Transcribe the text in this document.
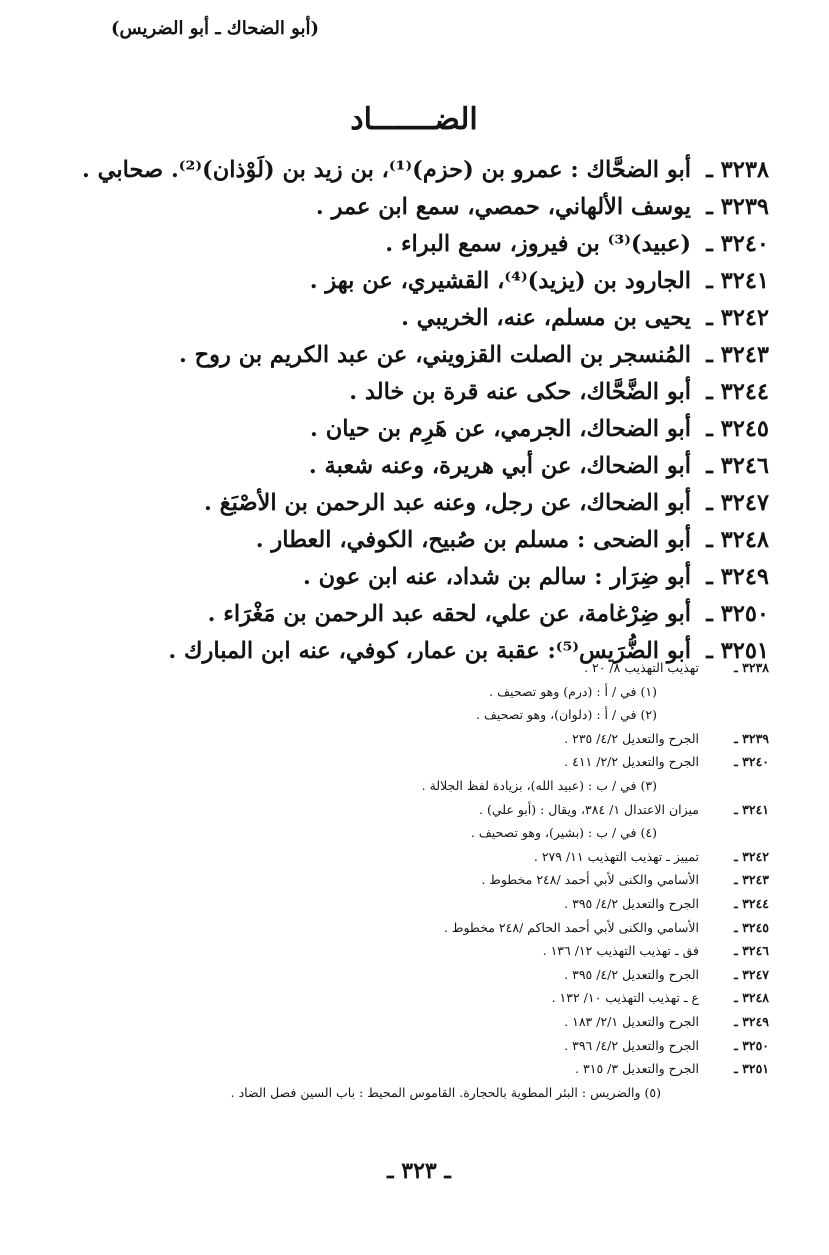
(أبو الضحاك ـ أبو الضريس)
الضـــــــاد
٣٢٣٨ ـ
أبو الضحَّاك : عمرو بن (حزم)⁽¹⁾، بن زيد بن (لَوْذان)⁽²⁾. صحابي .
٣٢٣٩ ـ
يوسف الألهاني، حمصي، سمع ابن عمر .
٣٢٤٠ ـ
(عبيد)⁽³⁾ بن فيروز، سمع البراء .
٣٢٤١ ـ
الجارود بن (يزيد)⁽⁴⁾، القشيري، عن بهز .
٣٢٤٢ ـ
يحيى بن مسلم، عنه، الخريبي .
٣٢٤٣ ـ
المُنسجر بن الصلت القزويني، عن عبد الكريم بن روح .
٣٢٤٤ ـ
أبو الضَّحَّاك، حكى عنه قرة بن خالد .
٣٢٤٥ ـ
أبو الضحاك، الجرمي، عن هَرِم بن حيان .
٣٢٤٦ ـ
أبو الضحاك، عن أبي هريرة، وعنه شعبة .
٣٢٤٧ ـ
أبو الضحاك، عن رجل، وعنه عبد الرحمن بن الأصْبَغ .
٣٢٤٨ ـ
أبو الضحى : مسلم بن صُبيح، الكوفي، العطار .
٣٢٤٩ ـ
أبو ضِرَار : سالم بن شداد، عنه ابن عون .
٣٢٥٠ ـ
أبو ضِرْغامة، عن علي، لحقه عبد الرحمن بن مَغْرَاء .
٣٢٥١ ـ
أبو الضُّرَيس⁽⁵⁾: عقبة بن عمار، كوفي، عنه ابن المبارك .
٣٢٣٨ ـ
تهذيب التهذيب ٨/ ٢٠ .
(١) في / أ : (درم) وهو تصحيف .
(٢) في / أ : (دلوان)، وهو تصحيف .
٣٢٣٩ ـ
الجرح والتعديل ٤/٢/ ٢٣٥ .
٣٢٤٠ ـ
الجرح والتعديل ٢/٢/ ٤١١ .
(٣) في / ب : (عبيد الله)، بزيادة لفظ الجلالة .
٣٢٤١ ـ
ميزان الاعتدال ١/ ٣٨٤، ويقال : (أبو علي) .
(٤) في / ب : (بشير)، وهو تصحيف .
٣٢٤٢ ـ
تمييز ـ تهذيب التهذيب ١١/ ٢٧٩ .
٣٢٤٣ ـ
الأسامي والكنى لأبي أحمد /٢٤٨ مخطوط .
٣٢٤٤ ـ
الجرح والتعديل ٤/٢/ ٣٩٥ .
٣٢٤٥ ـ
الأسامي والكنى لأبي أحمد الحاكم /٢٤٨ مخطوط .
٣٢٤٦ ـ
فق ـ تهذيب التهذيب ١٢/ ١٣٦ .
٣٢٤٧ ـ
الجرح والتعديل ٤/٢/ ٣٩٥ .
٣٢٤٨ ـ
ع ـ تهذيب التهذيب ١٠/ ١٣٢ .
٣٢٤٩ ـ
الجرح والتعديل ٢/١/ ١٨٣ .
٣٢٥٠ ـ
الجرح والتعديل ٤/٢/ ٣٩٦ .
٣٢٥١ ـ
الجرح والتعديل ٣/ ٣١٥ .
(٥) والضريس : البئر المطوية بالحجارة. القاموس المحيط : باب السين فصل الضاد .
ـ ٣٢٣ ـ
